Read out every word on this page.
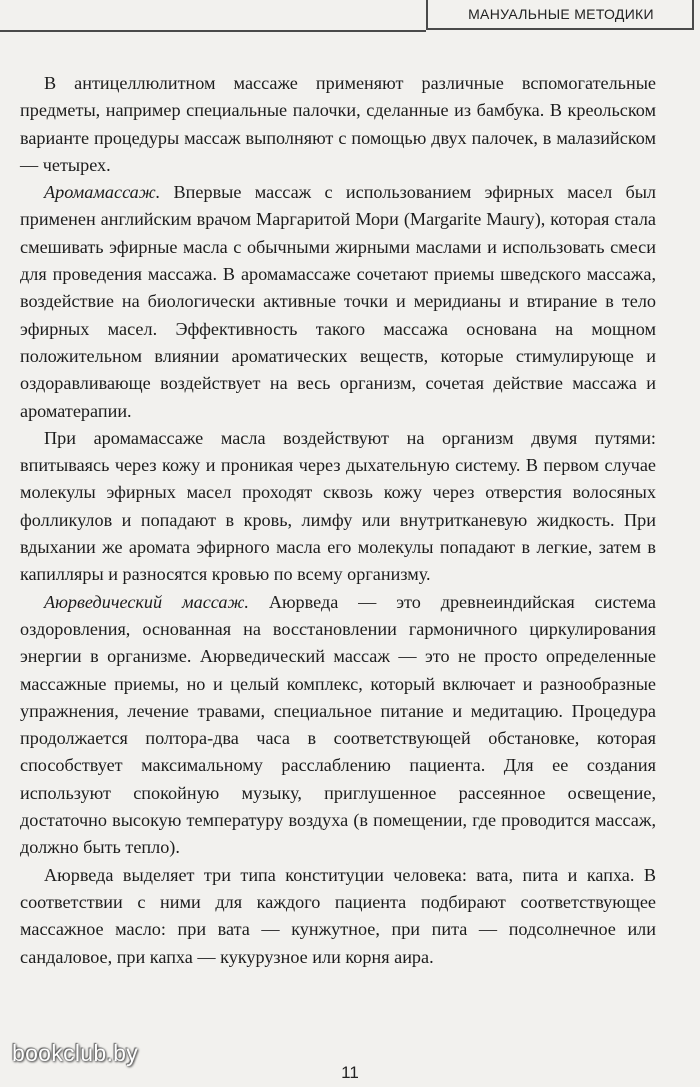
МАНУАЛЬНЫЕ МЕТОДИКИ

В антицеллюлитном массаже применяют различные вспомогательные предметы, например специальные палочки, сделанные из бамбука. В креольском варианте процедуры массаж выполняют с помощью двух палочек, в малазийском — четырех.

Аромамассаж. Впервые массаж с использованием эфирных масел был применен английским врачом Маргаритой Мори (Margarite Maury), которая стала смешивать эфирные масла с обычными жирными маслами и использовать смеси для проведения массажа. В аромамассаже сочетают приемы шведского массажа, воздействие на биологически активные точки и меридианы и втирание в тело эфирных масел. Эффективность такого массажа основана на мощном положительном влиянии ароматических веществ, которые стимулирующе и оздоравливающе воздействует на весь организм, сочетая действие массажа и ароматерапии.

При аромамассаже масла воздействуют на организм двумя путями: впитываясь через кожу и проникая через дыхательную систему. В первом случае молекулы эфирных масел проходят сквозь кожу через отверстия волосяных фолликулов и попадают в кровь, лимфу или внутритканевую жидкость. При вдыхании же аромата эфирного масла его молекулы попадают в легкие, затем в капилляры и разносятся кровью по всему организму.

Аюрведический массаж. Аюрведа — это древнеиндийская система оздоровления, основанная на восстановлении гармоничного циркулирования энергии в организме. Аюрведический массаж — это не просто определенные массажные приемы, но и целый комплекс, который включает и разнообразные упражнения, лечение травами, специальное питание и медитацию. Процедура продолжается полтора-два часа в соответствующей обстановке, которая способствует максимальному расслаблению пациента. Для ее создания используют спокойную музыку, приглушенное рассеянное освещение, достаточно высокую температуру воздуха (в помещении, где проводится массаж, должно быть тепло).

Аюрведа выделяет три типа конституции человека: вата, пита и капха. В соответствии с ними для каждого пациента подбирают соответствующее массажное масло: при вата — кунжутное, при пита — подсолнечное или сандаловое, при капха — кукурузное или корня аира.

bookclub.by
11
